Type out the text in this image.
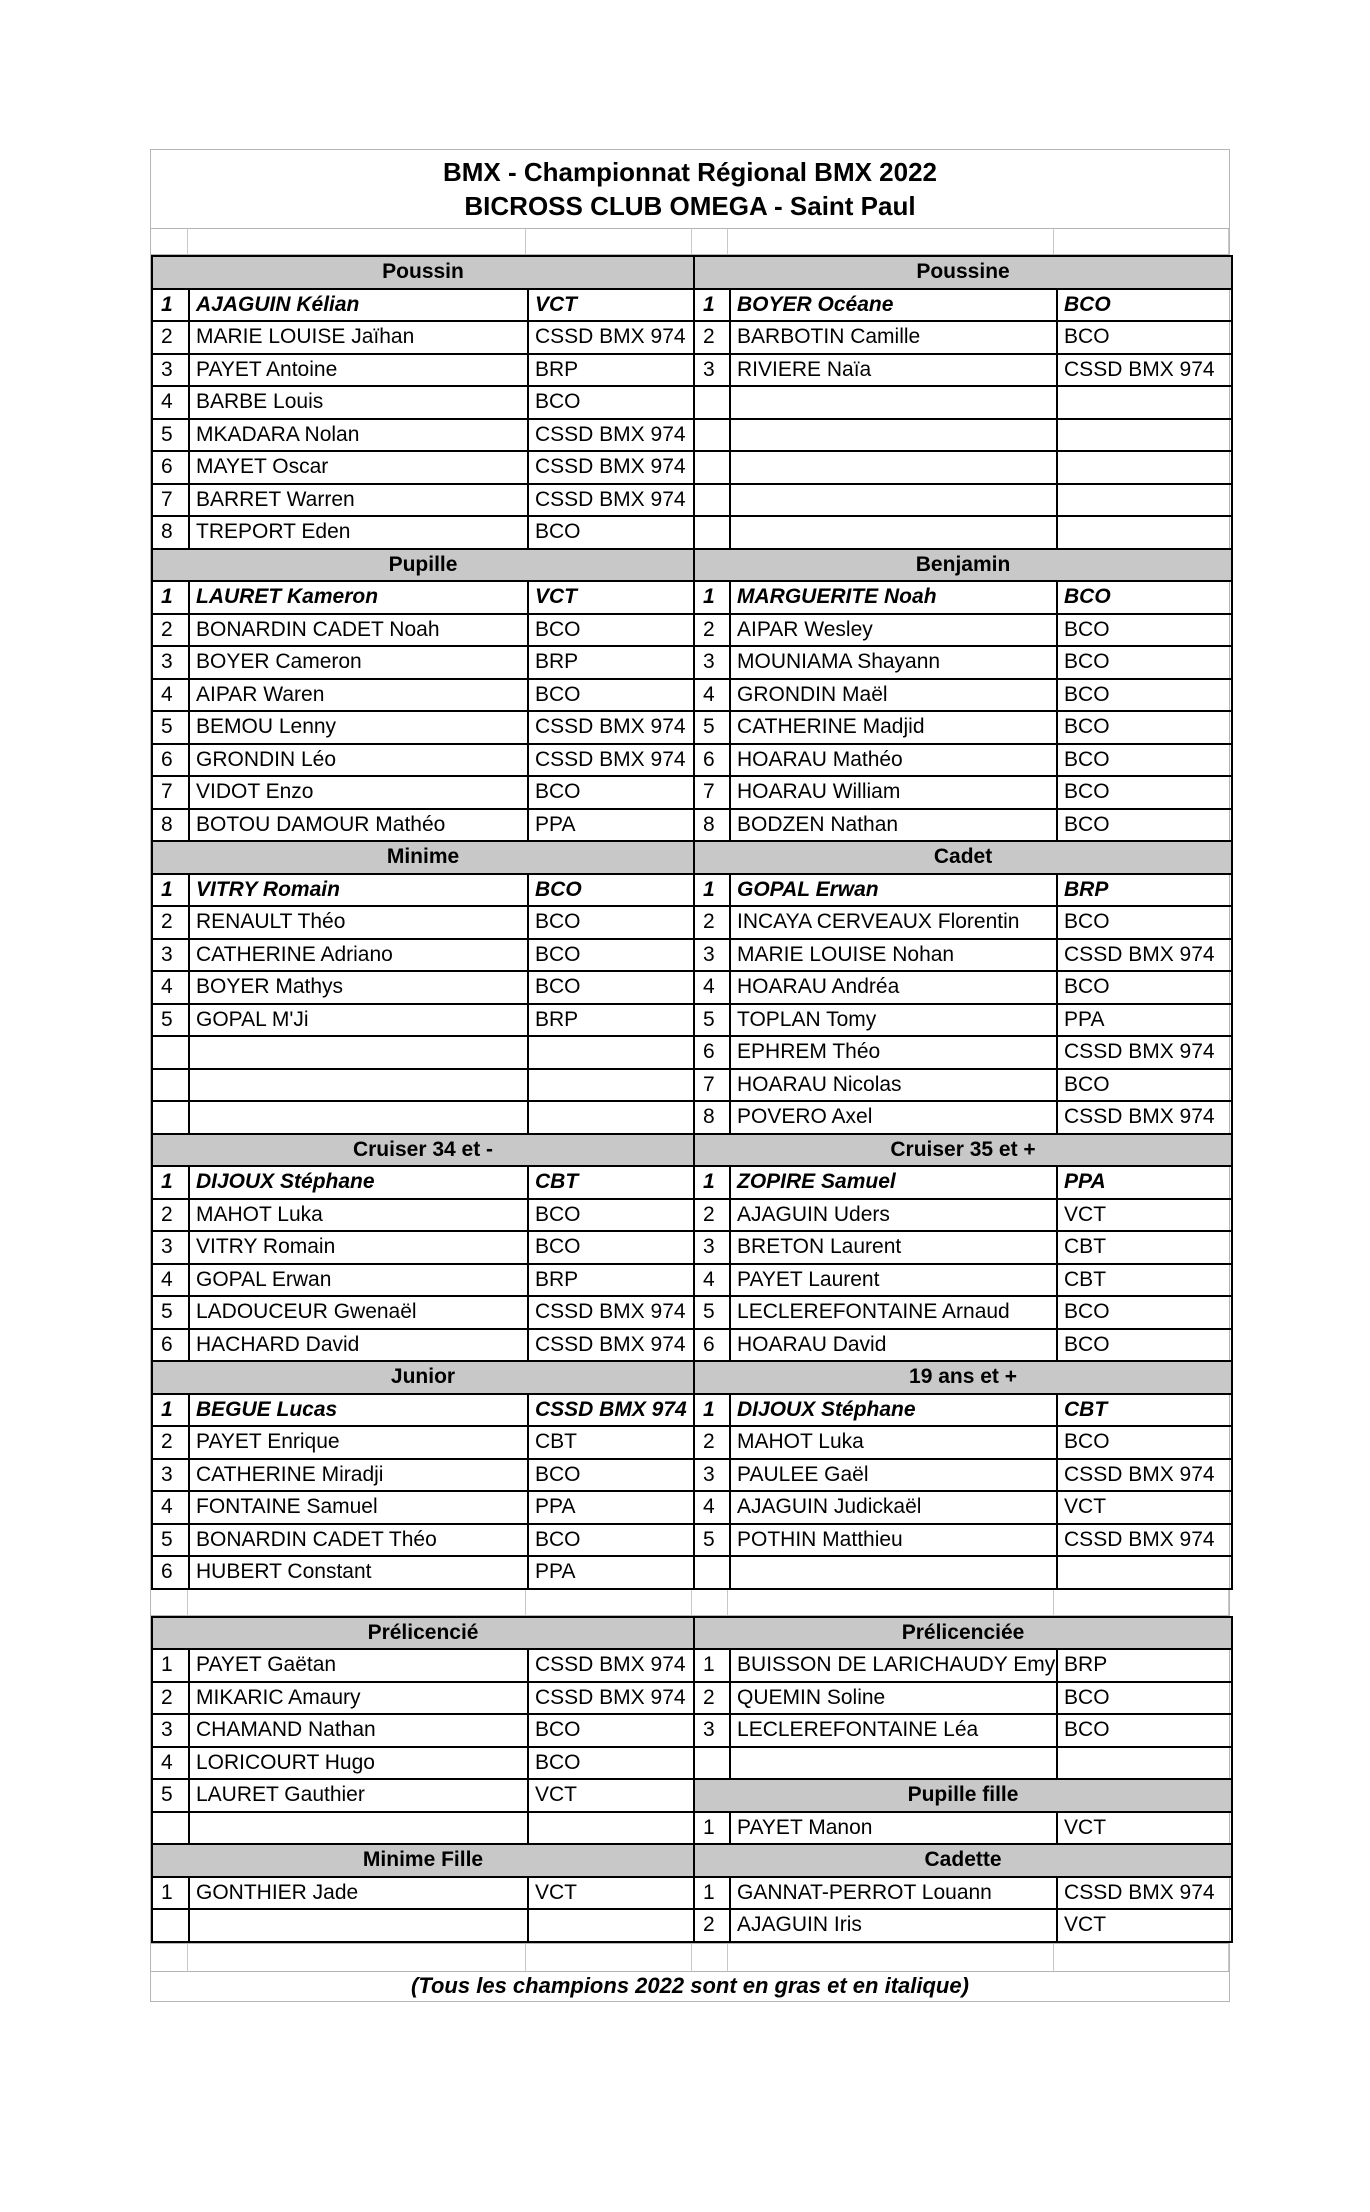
BMX - Championnat Régional BMX 2022
BICROSS CLUB OMEGA - Saint Paul
Poussin			Poussine		
1	AJAGUIN Kélian	VCT	1	BOYER Océane	BCO
2	MARIE LOUISE Jaïhan	CSSD BMX 974	2	BARBOTIN Camille	BCO
3	PAYET Antoine	BRP	3	RIVIERE Naïa	CSSD BMX 974
4	BARBE Louis	BCO			
5	MKADARA Nolan	CSSD BMX 974			
6	MAYET Oscar	CSSD BMX 974			
7	BARRET Warren	CSSD BMX 974			
8	TREPORT Eden	BCO			
Pupille			Benjamin		
1	LAURET Kameron	VCT	1	MARGUERITE Noah	BCO
2	BONARDIN CADET Noah	BCO	2	AIPAR Wesley	BCO
3	BOYER Cameron	BRP	3	MOUNIAMA Shayann	BCO
4	AIPAR Waren	BCO	4	GRONDIN Maël	BCO
5	BEMOU Lenny	CSSD BMX 974	5	CATHERINE Madjid	BCO
6	GRONDIN Léo	CSSD BMX 974	6	HOARAU Mathéo	BCO
7	VIDOT Enzo	BCO	7	HOARAU William	BCO
8	BOTOU DAMOUR Mathéo	PPA	8	BODZEN Nathan	BCO
Minime			Cadet		
1	VITRY Romain	BCO	1	GOPAL Erwan	BRP
2	RENAULT Théo	BCO	2	INCAYA CERVEAUX Florentin	BCO
3	CATHERINE Adriano	BCO	3	MARIE LOUISE Nohan	CSSD BMX 974
4	BOYER Mathys	BCO	4	HOARAU Andréa	BCO
5	GOPAL M'Ji	BRP	5	TOPLAN Tomy	PPA
			6	EPHREM Théo	CSSD BMX 974
			7	HOARAU Nicolas	BCO
			8	POVERO Axel	CSSD BMX 974
Cruiser 34 et -			Cruiser 35 et +		
1	DIJOUX Stéphane	CBT	1	ZOPIRE Samuel	PPA
2	MAHOT Luka	BCO	2	AJAGUIN Uders	VCT
3	VITRY Romain	BCO	3	BRETON Laurent	CBT
4	GOPAL Erwan	BRP	4	PAYET Laurent	CBT
5	LADOUCEUR Gwenaël	CSSD BMX 974	5	LECLEREFONTAINE Arnaud	BCO
6	HACHARD David	CSSD BMX 974	6	HOARAU David	BCO
Junior			19 ans et +		
1	BEGUE Lucas	CSSD BMX 974	1	DIJOUX Stéphane	CBT
2	PAYET Enrique	CBT	2	MAHOT Luka	BCO
3	CATHERINE Miradji	BCO	3	PAULEE Gaël	CSSD BMX 974
4	FONTAINE Samuel	PPA	4	AJAGUIN Judickaël	VCT
5	BONARDIN CADET Théo	BCO	5	POTHIN Matthieu	CSSD BMX 974
6	HUBERT Constant	PPA			
Prélicencié			Prélicenciée		
1	PAYET Gaëtan	CSSD BMX 974	1	BUISSON DE LARICHAUDY Emy	BRP
2	MIKARIC Amaury	CSSD BMX 974	2	QUEMIN Soline	BCO
3	CHAMAND Nathan	BCO	3	LECLEREFONTAINE Léa	BCO
4	LORICOURT Hugo	BCO			
5	LAURET Gauthier	VCT	Pupille fille		
			1	PAYET Manon	VCT
Minime Fille			Cadette		
1	GONTHIER Jade	VCT	1	GANNAT-PERROT Louann	CSSD BMX 974
			2	AJAGUIN Iris	VCT
(Tous les champions 2022 sont en gras et en italique)
